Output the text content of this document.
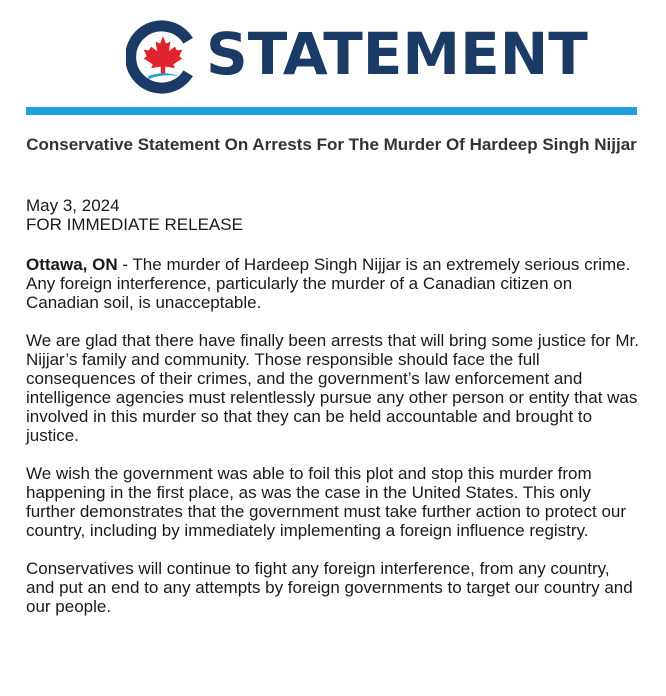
STATEMENT
Conservative Statement On Arrests For The Murder Of Hardeep Singh Nijjar

May 3, 2024
FOR IMMEDIATE RELEASE

Ottawa, ON - The murder of Hardeep Singh Nijjar is an extremely serious crime. Any foreign interference, particularly the murder of a Canadian citizen on Canadian soil, is unacceptable.

We are glad that there have finally been arrests that will bring some justice for Mr. Nijjar’s family and community. Those responsible should face the full consequences of their crimes, and the government’s law enforcement and intelligence agencies must relentlessly pursue any other person or entity that was involved in this murder so that they can be held accountable and brought to justice.

We wish the government was able to foil this plot and stop this murder from happening in the first place, as was the case in the United States. This only further demonstrates that the government must take further action to protect our country, including by immediately implementing a foreign influence registry.

Conservatives will continue to fight any foreign interference, from any country, and put an end to any attempts by foreign governments to target our country and our people.
